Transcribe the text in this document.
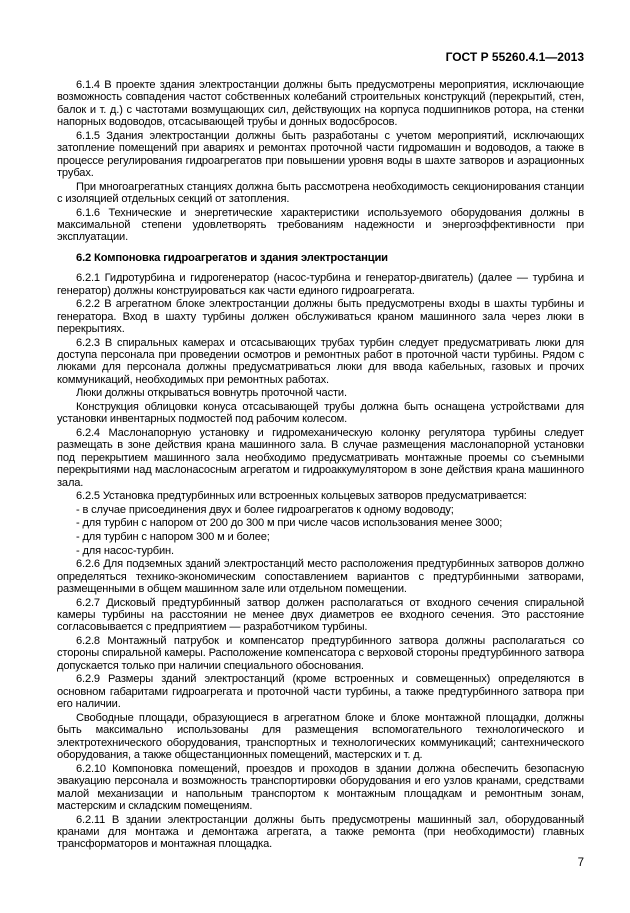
ГОСТ Р 55260.4.1—2013

6.1.4 В проекте здания электростанции должны быть предусмотрены мероприятия, исключающие возможность совпадения частот собственных колебаний строительных конструкций (перекрытий, стен, балок и т. д.) с частотами возмущающих сил, действующих на корпуса подшипников ротора, на стенки напорных водоводов, отсасывающей трубы и донных водосбросов.

6.1.5 Здания электростанции должны быть разработаны с учетом мероприятий, исключающих затопление помещений при авариях и ремонтах проточной части гидромашин и водоводов, а также в процессе регулирования гидроагрегатов при повышении уровня воды в шахте затворов и аэрационных трубах.

При многоагрегатных станциях должна быть рассмотрена необходимость секционирования станции с изоляцией отдельных секций от затопления.

6.1.6 Технические и энергетические характеристики используемого оборудования должны в максимальной степени удовлетворять требованиям надежности и энергоэффективности при эксплуатации.

6.2 Компоновка гидроагрегатов и здания электростанции

6.2.1 Гидротурбина и гидрогенератор (насос-турбина и генератор-двигатель) (далее — турбина и генератор) должны конструироваться как части единого гидроагрегата.

6.2.2 В агрегатном блоке электростанции должны быть предусмотрены входы в шахты турбины и генератора. Вход в шахту турбины должен обслуживаться краном машинного зала через люки в перекрытиях.

6.2.3 В спиральных камерах и отсасывающих трубах турбин следует предусматривать люки для доступа персонала при проведении осмотров и ремонтных работ в проточной части турбины. Рядом с люками для персонала должны предусматриваться люки для ввода кабельных, газовых и прочих коммуникаций, необходимых при ремонтных работах.

Люки должны открываться вовнутрь проточной части.

Конструкция облицовки конуса отсасывающей трубы должна быть оснащена устройствами для установки инвентарных подмостей под рабочим колесом.

6.2.4 Маслонапорную установку и гидромеханическую колонку регулятора турбины следует размещать в зоне действия крана машинного зала. В случае размещения маслонапорной установки под перекрытием машинного зала необходимо предусматривать монтажные проемы со съемными перекрытиями над маслонасосным агрегатом и гидроаккумулятором в зоне действия крана машинного зала.

6.2.5 Установка предтурбинных или встроенных кольцевых затворов предусматривается:

- в случае присоединения двух и более гидроагрегатов к одному водоводу;

- для турбин с напором от 200 до 300 м при числе часов использования менее 3000;

- для турбин с напором 300 м и более;

- для насос-турбин.

6.2.6 Для подземных зданий электростанций место расположения предтурбинных затворов должно определяться технико-экономическим сопоставлением вариантов с предтурбинными затворами, размещенными в общем машинном зале или отдельном помещении.

6.2.7 Дисковый предтурбинный затвор должен располагаться от входного сечения спиральной камеры турбины на расстоянии не менее двух диаметров ее входного сечения. Это расстояние согласовывается с предприятием — разработчиком турбины.

6.2.8 Монтажный патрубок и компенсатор предтурбинного затвора должны располагаться со стороны спиральной камеры. Расположение компенсатора с верховой стороны предтурбинного затвора допускается только при наличии специального обоснования.

6.2.9 Размеры зданий электростанций (кроме встроенных и совмещенных) определяются в основном габаритами гидроагрегата и проточной части турбины, а также предтурбинного затвора при его наличии.

Свободные площади, образующиеся в агрегатном блоке и блоке монтажной площадки, должны быть максимально использованы для размещения вспомогательного технологического и электротехнического оборудования, транспортных и технологических коммуникаций; сантехнического оборудования, а также общестанционных помещений, мастерских и т. д.

6.2.10 Компоновка помещений, проездов и проходов в здании должна обеспечить безопасную эвакуацию персонала и возможность транспортировки оборудования и его узлов кранами, средствами малой механизации и напольным транспортом к монтажным площадкам и ремонтным зонам, мастерским и складским помещениям.

6.2.11 В здании электростанции должны быть предусмотрены машинный зал, оборудованный кранами для монтажа и демонтажа агрегата, а также ремонта (при необходимости) главных трансформаторов и монтажная площадка.

7
